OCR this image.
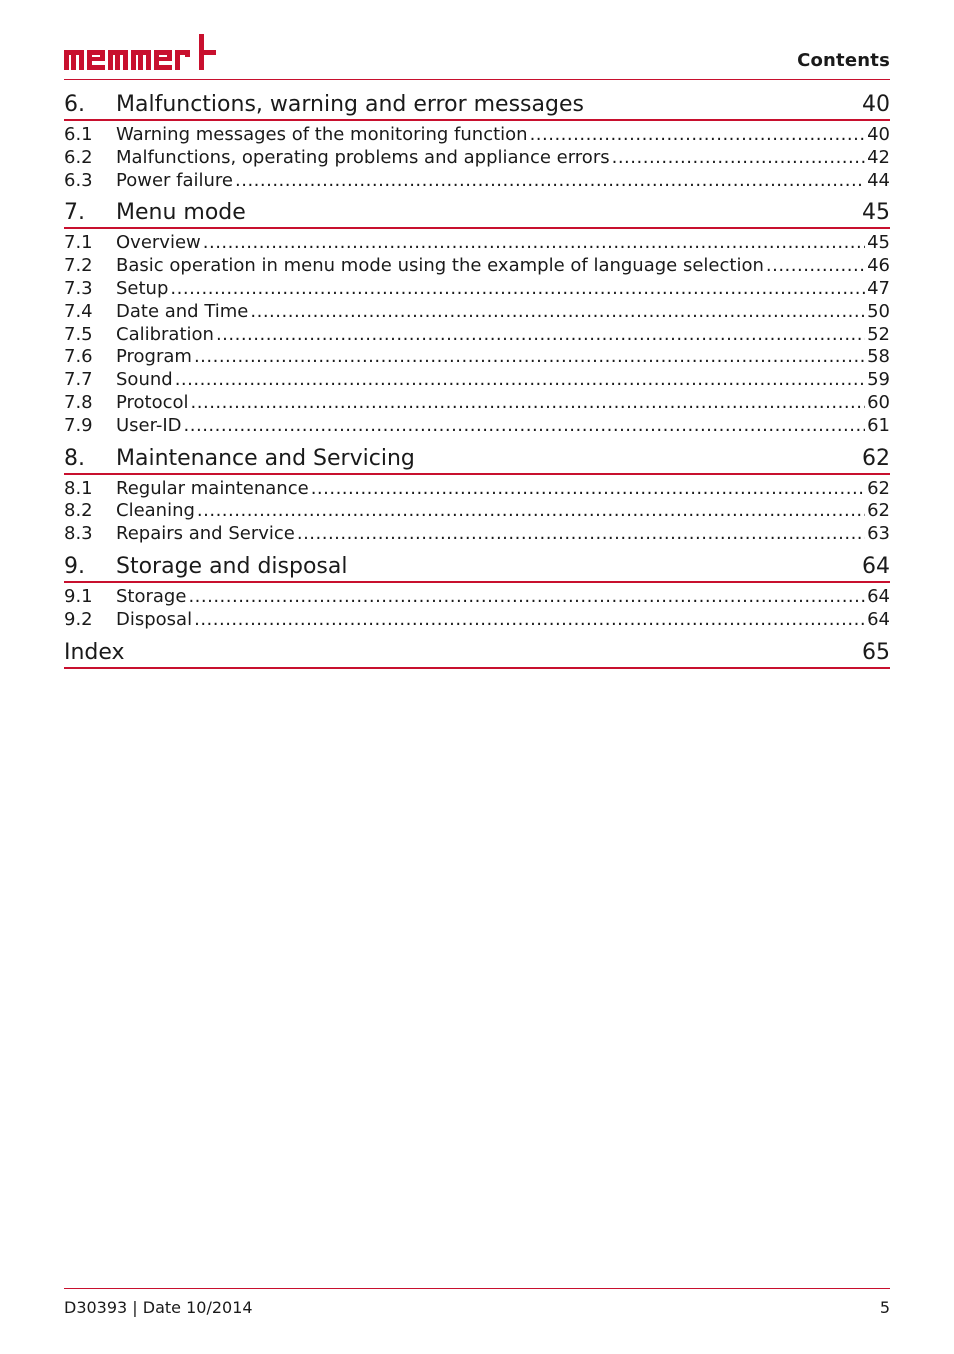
Contents
6.	Malfunctions, warning and error messages	40
6.1	Warning messages of the monitoring function .....	40
6.2	Malfunctions, operating problems and appliance errors .....	42
6.3	Power failure .....	44
7.	Menu mode	45
7.1	Overview .....	45
7.2	Basic operation in menu mode using the example of language selection .....	46
7.3	Setup .....	47
7.4	Date and Time .....	50
7.5	Calibration .....	52
7.6	Program .....	58
7.7	Sound .....	59
7.8	Protocol .....	60
7.9	User-ID .....	61
8.	Maintenance and Servicing	62
8.1	Regular maintenance .....	62
8.2	Cleaning .....	62
8.3	Repairs and Service .....	63
9.	Storage and disposal	64
9.1	Storage .....	64
9.2	Disposal .....	64
Index	65
D30393 | Date 10/2014	5
